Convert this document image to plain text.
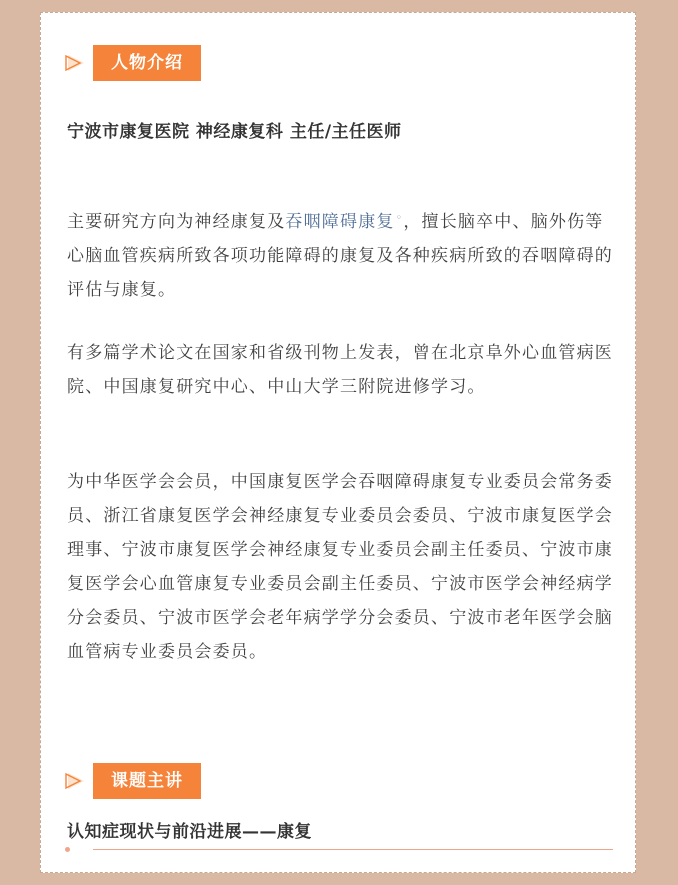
人物介绍
宁波市康复医院 神经康复科 主任/主任医师

主要研究方向为神经康复及吞咽障碍康复◦，擅长脑卒中、脑外伤等心脑血管疾病所致各项功能障碍的康复及各种疾病所致的吞咽障碍的评估与康复。

有多篇学术论文在国家和省级刊物上发表，曾在北京阜外心血管病医院、中国康复研究中心、中山大学三附院进修学习。

为中华医学会会员，中国康复医学会吞咽障碍康复专业委员会常务委员、浙江省康复医学会神经康复专业委员会委员、宁波市康复医学会理事、宁波市康复医学会神经康复专业委员会副主任委员、宁波市康复医学会心血管康复专业委员会副主任委员、宁波市医学会神经病学分会委员、宁波市医学会老年病学学分会委员、宁波市老年医学会脑血管病专业委员会委员。

课题主讲
认知症现状与前沿进展——康复
